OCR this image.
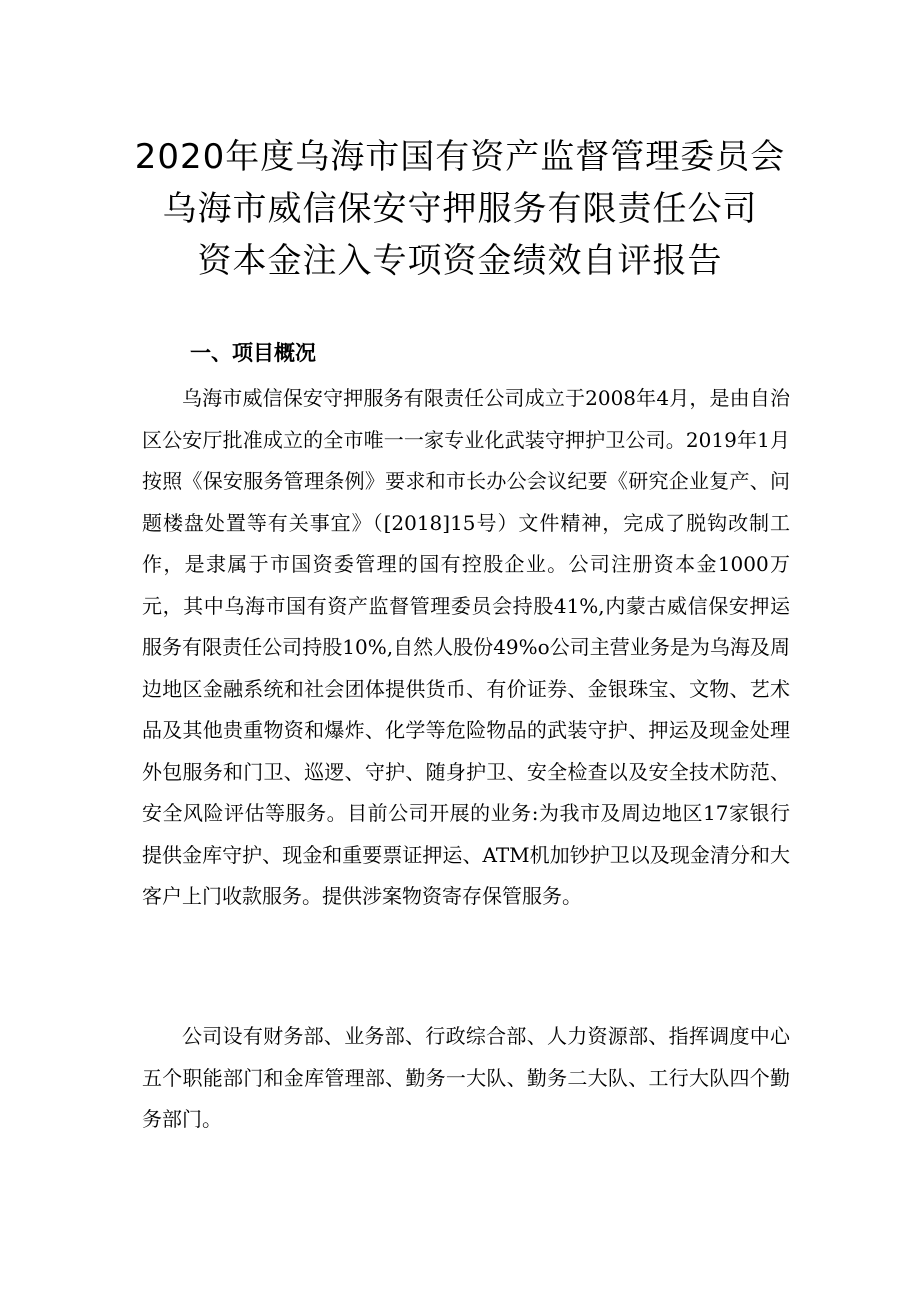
2020年度乌海市国有资产监督管理委员会
乌海市威信保安守押服务有限责任公司
资本金注入专项资金绩效自评报告
一、项目概况

乌海市威信保安守押服务有限责任公司成立于2008年4月，是由自治区公安厅批准成立的全市唯一一家专业化武装守押护卫公司。2019年1月按照《保安服务管理条例》要求和市长办公会议纪要《研究企业复产、问题楼盘处置等有关事宜》（[2018]15号）文件精神，完成了脱钩改制工作，是隶属于市国资委管理的国有控股企业。公司注册资本金1000万元，其中乌海市国有资产监督管理委员会持股41%,内蒙古威信保安押运服务有限责任公司持股10%,自然人股份49%o公司主营业务是为乌海及周边地区金融系统和社会团体提供货币、有价证券、金银珠宝、文物、艺术品及其他贵重物资和爆炸、化学等危险物品的武装守护、押运及现金处理外包服务和门卫、巡逻、守护、随身护卫、安全检查以及安全技术防范、安全风险评估等服务。目前公司开展的业务:为我市及周边地区17家银行提供金库守护、现金和重要票证押运、ATM机加钞护卫以及现金清分和大客户上门收款服务。提供涉案物资寄存保管服务。

公司设有财务部、业务部、行政综合部、人力资源部、指挥调度中心五个职能部门和金库管理部、勤务一大队、勤务二大队、工行大队四个勤务部门。
